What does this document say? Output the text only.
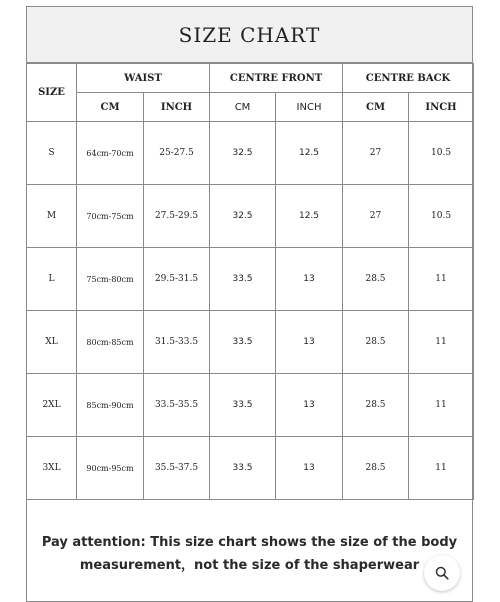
SIZE CHART
SIZE	WAIST		CENTRE FRONT		CENTRE BACK	
	CM	INCH	CM	INCH	CM	INCH
S	64cm-70cm	25-27.5	32.5	12.5	27	10.5
M	70cm-75cm	27.5-29.5	32.5	12.5	27	10.5
L	75cm-80cm	29.5-31.5	33.5	13	28.5	11
XL	80cm-85cm	31.5-33.5	33.5	13	28.5	11
2XL	85cm-90cm	33.5-35.5	33.5	13	28.5	11
3XL	90cm-95cm	35.5-37.5	33.5	13	28.5	11
Pay attention: This size chart shows the size of the body
measurement，not the size of the shaperwear
